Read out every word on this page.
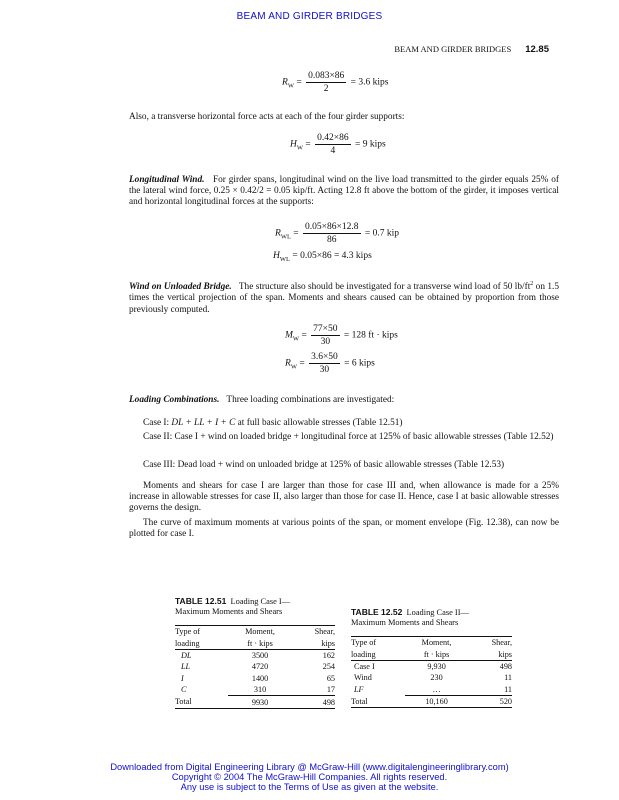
BEAM AND GIRDER BRIDGES
BEAM AND GIRDER BRIDGES 12.85
$R_W = \frac{0.083\times 86}{2} = 3.6$ kips
Also, a transverse horizontal force acts at each of the four girder supports:
$H_W = \frac{0.42\times 86}{4} = 9$ kips
Longitudinal Wind. For girder spans, longitudinal wind on the live load transmitted to the girder equals 25% of the lateral wind force, 0.25 × 0.42/2 = 0.05 kip/ft. Acting 12.8 ft above the bottom of the girder, it imposes vertical and horizontal longitudinal forces at the supports:
$R_{WL} = \frac{0.05\times 86\times 12.8}{86} = 0.7$ kip
$H_{WL} = 0.05\times 86 = 4.3$ kips
Wind on Unloaded Bridge. The structure also should be investigated for a transverse wind load of 50 $lb/ft^2$ on 1.5 times the vertical projection of the span. Moments and shears caused can be obtained by proportion from those previously computed.
$M_W = \frac{77\times 50}{30} = 128$ ft · kips
$R_W = \frac{3.6\times 50}{30} = 6$ kips
Loading Combinations. Three loading combinations are investigated:
Case I: DL + LL + I + C at full basic allowable stresses (Table 12.51)
Case II: Case I + wind on loaded bridge + longitudinal force at 125% of basic allowable stresses (Table 12.52)
Case III: Dead load + wind on unloaded bridge at 125% of basic allowable stresses (Table 12.53)
Moments and shears for case I are larger than those for case III and, when allowance is made for a 25% increase in allowable stresses for case II, also larger than those for case II. Hence, case I at basic allowable stresses governs the design.
The curve of maximum moments at various points of the span, or moment envelope (Fig. 12.38), can now be plotted for case I.
TABLE 12.51 Loading Case I—
Maximum Moments and Shears
Type of	Moment,	Shear,
loading	ft · kips	kips
DL	3500	162
LL	4720	254
I	1400	65
C	310	17
Total	9930	498
TABLE 12.52 Loading Case II—
Maximum Moments and Shears
Type of	Moment,	Shear,
loading	ft · kips	kips
Case I	9,930	498
Wind	230	11
LF	…	11
Total	10,160	520
Downloaded from Digital Engineering Library @ McGraw-Hill (www.digitalengineeringlibrary.com)
Copyright © 2004 The McGraw-Hill Companies. All rights reserved.
Any use is subject to the Terms of Use as given at the website.
